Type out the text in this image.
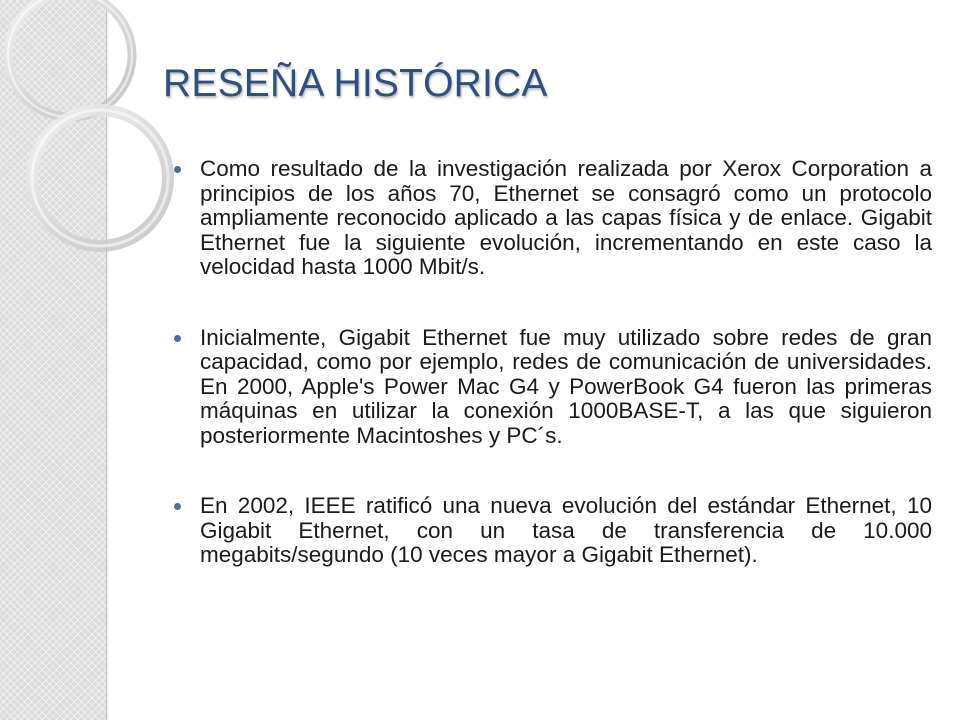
RESEÑA HISTÓRICA
Como resultado de la investigación realizada por Xerox Corporation a principios de los años 70, Ethernet se consagró como un protocolo ampliamente reconocido aplicado a las capas física y de enlace. Gigabit Ethernet fue la siguiente evolución, incrementando en este caso la velocidad hasta 1000 Mbit/s.
Inicialmente, Gigabit Ethernet fue muy utilizado sobre redes de gran capacidad, como por ejemplo, redes de comunicación de universidades. En 2000, Apple's Power Mac G4 y PowerBook G4 fueron las primeras máquinas en utilizar la conexión 1000BASE-T, a las que siguieron posteriormente Macintoshes y PC´s.
En 2002, IEEE ratificó una nueva evolución del estándar Ethernet, 10 Gigabit Ethernet, con un tasa de transferencia de 10.000 megabits/segundo (10 veces mayor a Gigabit Ethernet).
